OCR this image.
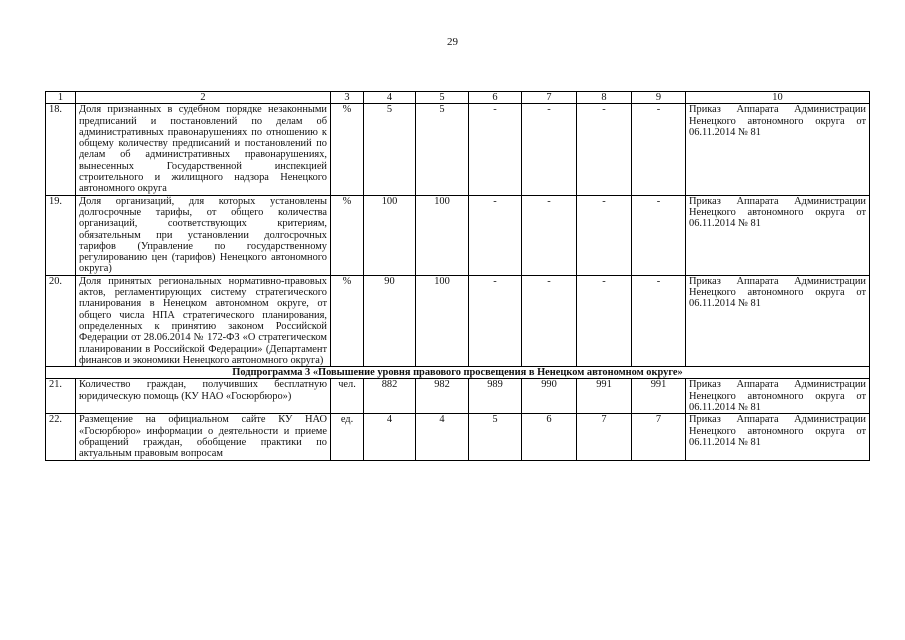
29
1	2	3	4	5	6	7	8	9	10
18.	Доля признанных в судебном порядке незаконными предписаний и постановлений по делам об административных правонарушениях по отношению к общему количеству предписаний и постановлений по делам об административных правонарушениях, вынесенных Государственной инспекцией строительного и жилищного надзора Ненецкого автономного округа	%	5	5	-	-	-	-	Приказ Аппарата Администрации Ненецкого автономного округа от 06.11.2014 № 81
19.	Доля организаций, для которых установлены долгосрочные тарифы, от общего количества организаций, соответствующих критериям, обязательным при установлении долгосрочных тарифов (Управление по государственному регулированию цен (тарифов) Ненецкого автономного округа)	%	100	100	-	-	-	-	Приказ Аппарата Администрации Ненецкого автономного округа от 06.11.2014 № 81
20.	Доля принятых региональных нормативно-правовых актов, регламентирующих систему стратегического планирования в Ненецком автономном округе, от общего числа НПА стратегического планирования, определенных к принятию законом Российской Федерации от 28.06.2014 № 172-ФЗ «О стратегическом планировании в Российской Федерации» (Департамент финансов и экономики Ненецкого автономного округа)	%	90	100	-	-	-	-	Приказ Аппарата Администрации Ненецкого автономного округа от 06.11.2014 № 81
Подпрограмма 3 «Повышение уровня правового просвещения в Ненецком автономном округе»									
21.	Количество граждан, получивших бесплатную юридическую помощь (КУ НАО «Госюрбюро»)	чел.	882	982	989	990	991	991	Приказ Аппарата Администрации Ненецкого автономного округа от 06.11.2014 № 81
22.	Размещение на официальном сайте КУ НАО «Госюрбюро» информации о деятельности и приеме обращений граждан, обобщение практики по актуальным правовым вопросам	ед.	4	4	5	6	7	7	Приказ Аппарата Администрации Ненецкого автономного округа от 06.11.2014 № 81
